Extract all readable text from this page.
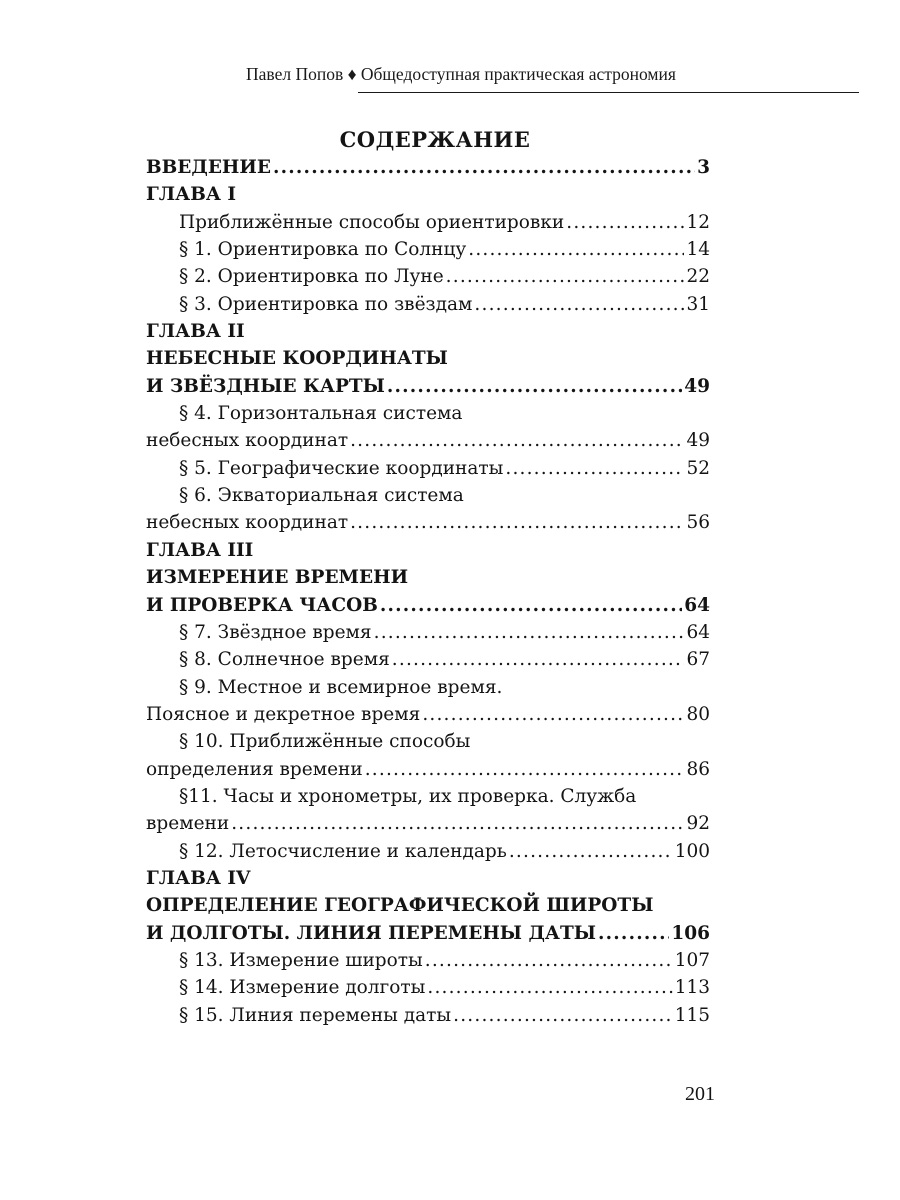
Павел Попов ♦ Общедоступная практическая астрономия
СОДЕРЖАНИЕ
ВВЕДЕНИЕ .....	3
ГЛАВА I
Приближённые способы ориентировки .....	12
§ 1. Ориентировка по Солнцу .....	14
§ 2. Ориентировка по Луне .....	22
§ 3. Ориентировка по звёздам .....	31
ГЛАВА II
НЕБЕСНЫЕ КООРДИНАТЫ
И ЗВЁЗДНЫЕ КАРТЫ .....	49
§ 4. Горизонтальная система
небесных координат .....	49
§ 5. Географические координаты .....	52
§ 6. Экваториальная система
небесных координат .....	56
ГЛАВА III
ИЗМЕРЕНИЕ ВРЕМЕНИ
И ПРОВЕРКА ЧАСОВ .....	64
§ 7. Звёздное время .....	64
§ 8. Солнечное время .....	67
§ 9. Местное и всемирное время.
Поясное и декретное время .....	80
§ 10. Приближённые способы
определения времени .....	86
§11. Часы и хронометры, их проверка. Служба
времени .....	92
§ 12. Летосчисление и календарь .....	100
ГЛАВА IV
ОПРЕДЕЛЕНИЕ ГЕОГРАФИЧЕСКОЙ ШИРОТЫ
И ДОЛГОТЫ. ЛИНИЯ ПЕРЕМЕНЫ ДАТЫ .....	106
§ 13. Измерение широты .....	107
§ 14. Измерение долготы .....	113
§ 15. Линия перемены даты .....	115
201
